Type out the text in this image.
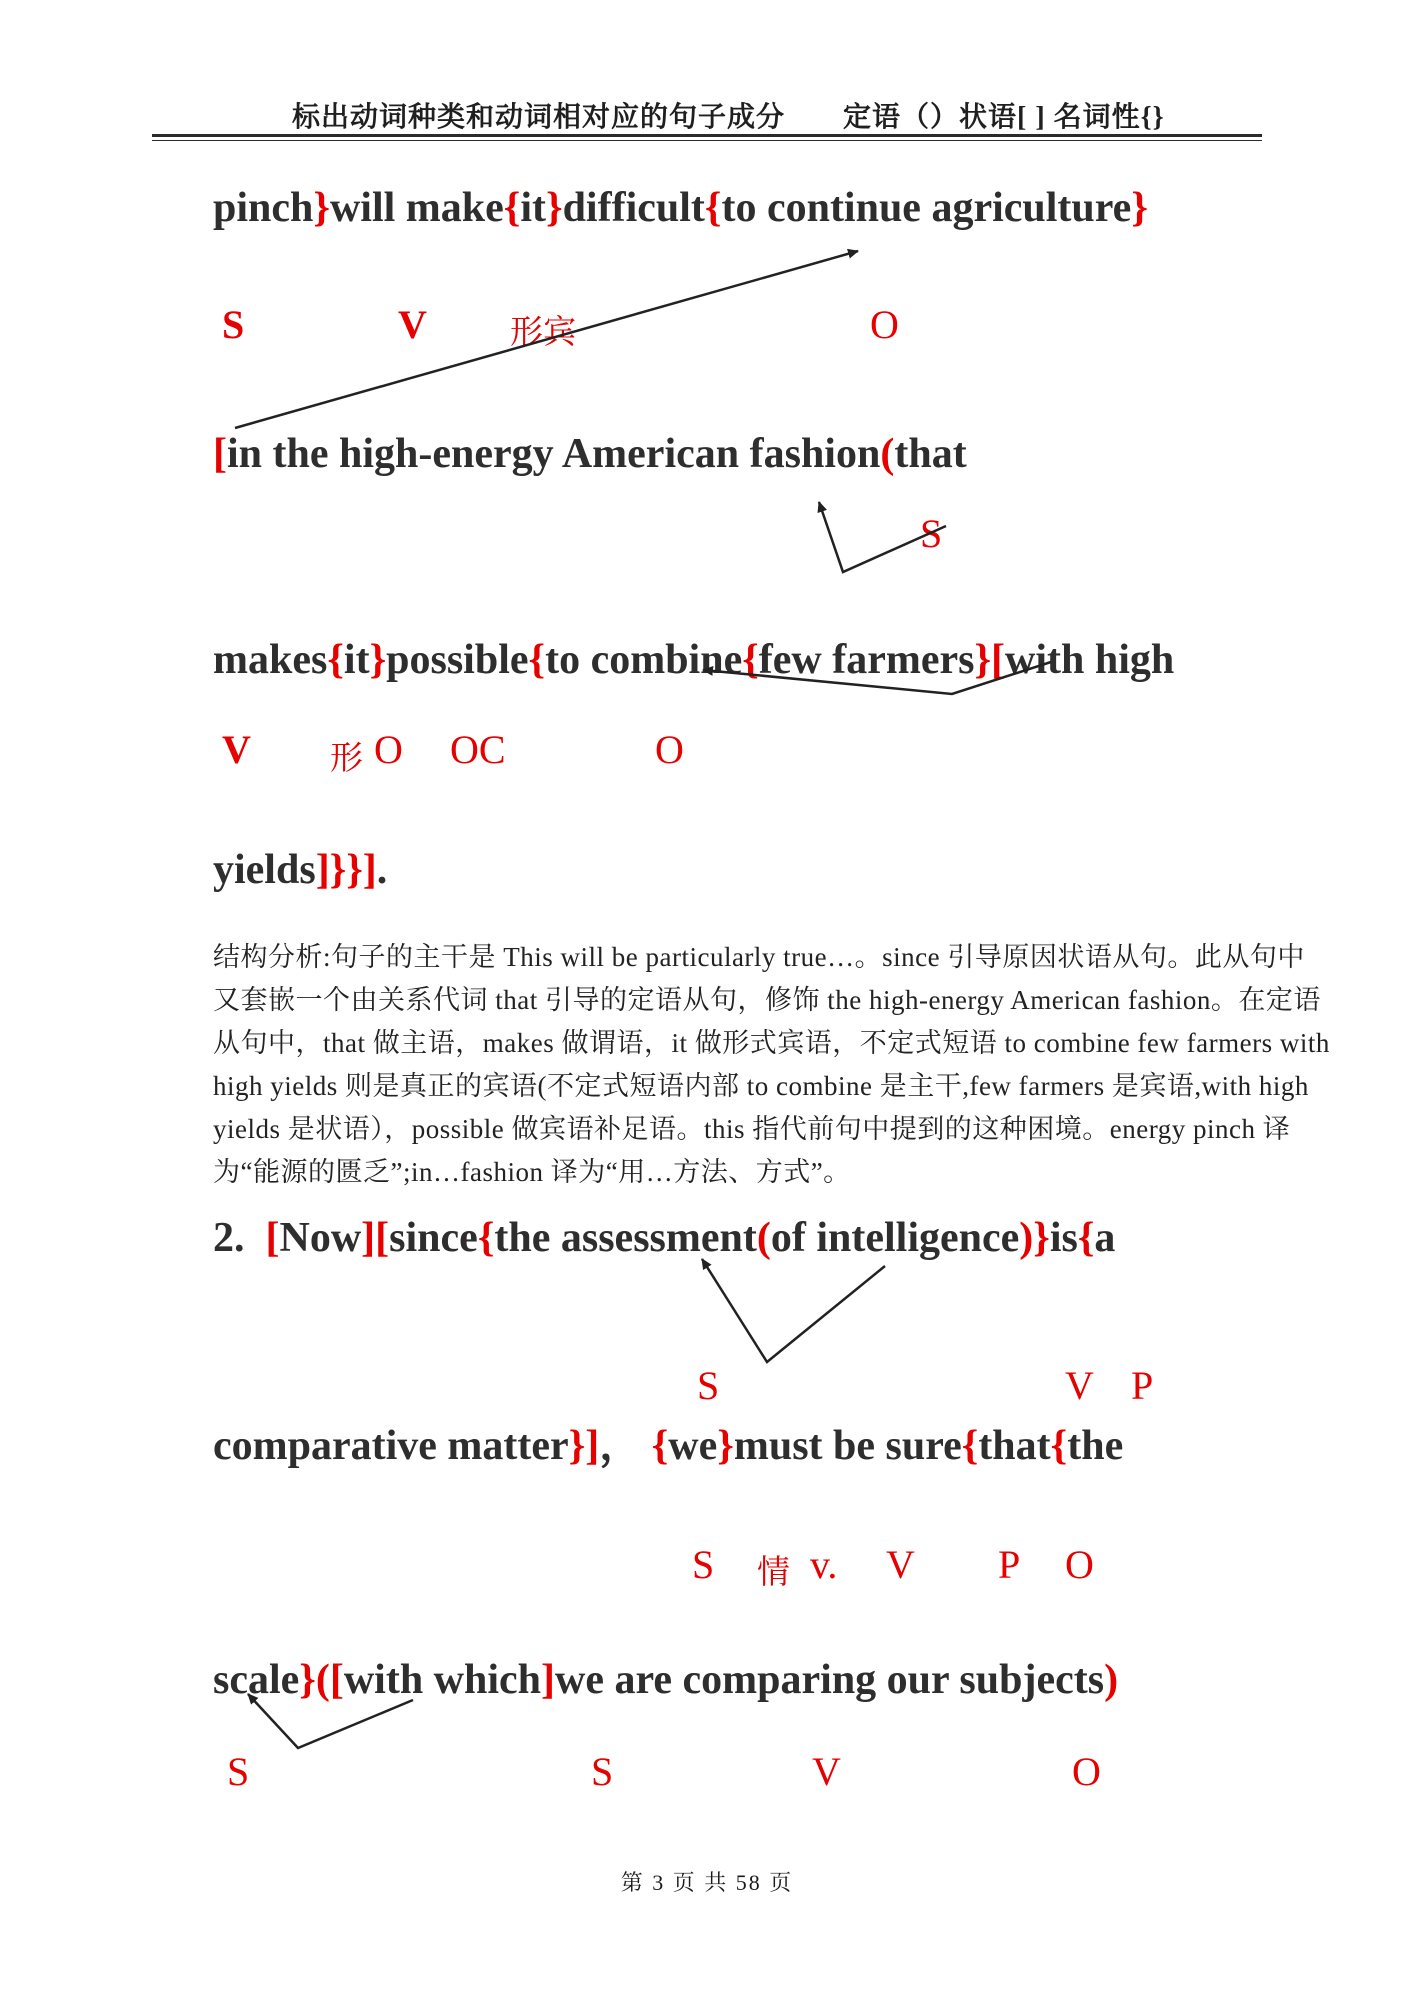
标出动词种类和动词相对应的句子成分 定语（）状语[ ] 名词性{}
pinch}will make{it}difficult{to continue agriculture}
S	V	形宾	O
[in the high-energy American fashion(that
S
makes{it}possible{to combine{few farmers}[with high
V 形 O OC	O
yields]}}].
结构分析:句子的主干是 This will be particularly true…。since 引导原因状语从句。此从句中
又套嵌一个由关系代词 that 引导的定语从句，修饰 the high-energy American fashion。在定语
从句中，that 做主语，makes 做谓语，it 做形式宾语，不定式短语 to combine few farmers with
high yields 则是真正的宾语(不定式短语内部 to combine 是主干,few farmers 是宾语,with high
yields 是状语），possible 做宾语补足语。this 指代前句中提到的这种困境。energy pinch 译
为“能源的匮乏”;in…fashion 译为“用…方法、方式”。
2.  [Now][since{the assessment(of intelligence)}is{a
S	V P
comparative matter}]， {we}must be sure{that{the
S 情 v. V P O
scale}([with which]we are comparing our subjects)
S	S	V	O
第 3 页 共 58 页
